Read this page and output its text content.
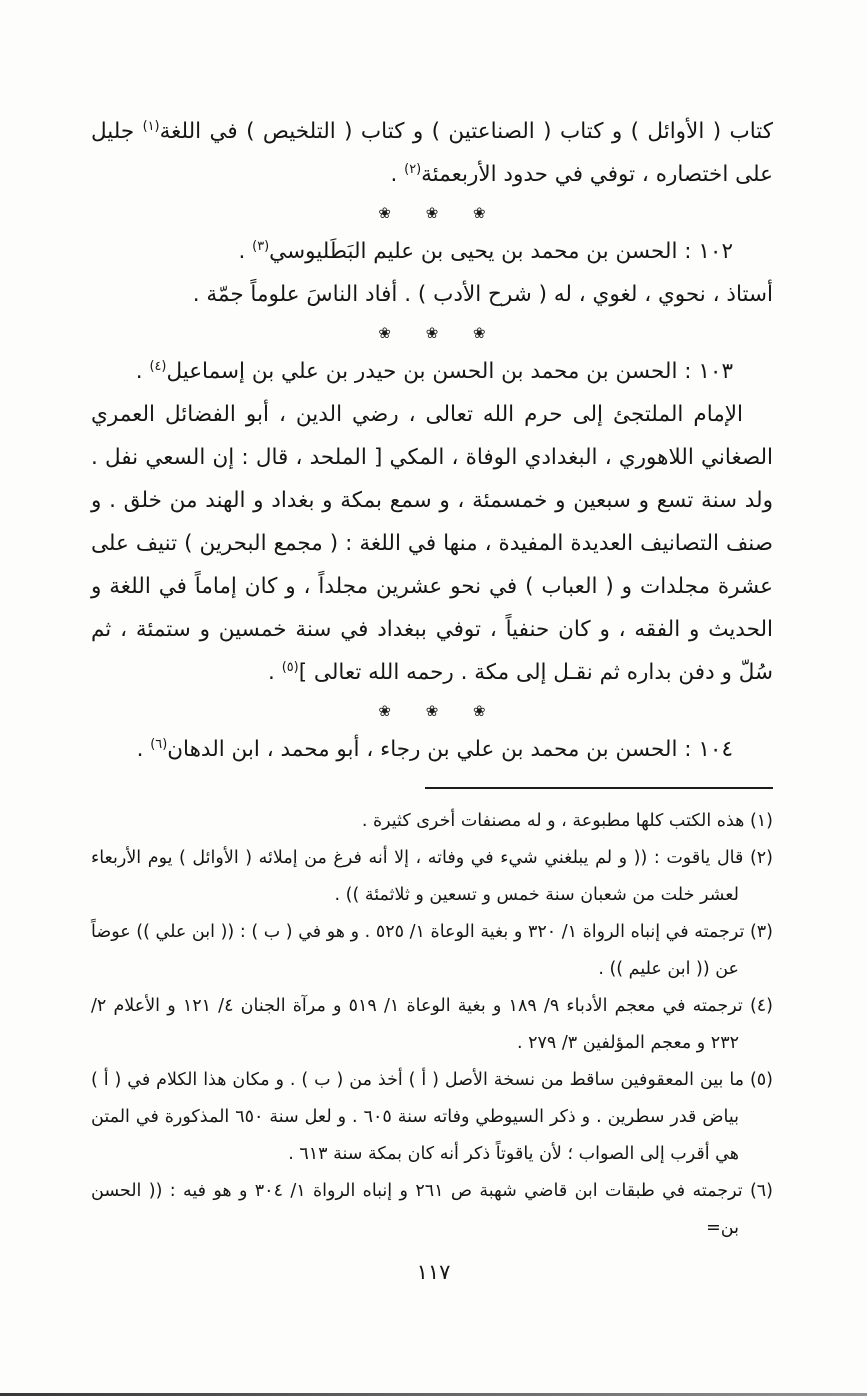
كتاب ( الأوائل ) و كتاب ( الصناعتين ) و كتاب ( التلخيص ) في اللغة$^{(١)}$ جليل على اختصاره ، توفي في حدود الأربعمئة$^{(٢)}$ .
❀ ❀ ❀
١٠٢ : الحسن بن محمد بن يحيى بن عليم البَطَليوسي$^{(٣)}$ .
أستاذ ، نحوي ، لغوي ، له ( شرح الأدب ) . أفاد الناسَ علوماً جمّة .
❀ ❀ ❀
١٠٣ : الحسن بن محمد بن الحسن بن حيدر بن علي بن إسماعيل$^{(٤)}$ .
الإمام الملتجئ إلى حرم الله تعالى ، رضي الدين ، أبو الفضائل العمري الصغاني اللاهوري ، البغدادي الوفاة ، المكي [ الملحد ، قال : إن السعي نفل . ولد سنة تسع و سبعين و خمسمئة ، و سمع بمكة و بغداد و الهند من خلق . و صنف التصانيف العديدة المفيدة ، منها في اللغة : ( مجمع البحرين ) تنيف على عشرة مجلدات و ( العباب ) في نحو عشرين مجلداً ، و كان إماماً في اللغة و الحديث و الفقه ، و كان حنفياً ، توفي ببغداد في سنة خمسين و ستمئة ، ثم سُلّ و دفن بداره ثم نقـل إلى مكة . رحمه الله تعالى ]$^{(٥)}$ .
❀ ❀ ❀
١٠٤ : الحسن بن محمد بن علي بن رجاء ، أبو محمد ، ابن الدهان$^{(٦)}$ .
(١) هذه الكتب كلها مطبوعة ، و له مصنفات أخرى كثيرة .
(٢) قال ياقوت : (( و لم يبلغني شيء في وفاته ، إلا أنه فرغ من إملائه ( الأوائل ) يوم الأربعاء لعشر خلت من شعبان سنة خمس و تسعين و ثلاثمئة )) .
(٣) ترجمته في إنباه الرواة ١/ ٣٢٠ و بغية الوعاة ١/ ٥٢٥ . و هو في ( ب ) : (( ابن علي )) عوضاً عن (( ابن عليم )) .
(٤) ترجمته في معجم الأدباء ٩/ ١٨٩ و بغية الوعاة ١/ ٥١٩ و مرآة الجنان ٤/ ١٢١ و الأعلام ٢/ ٢٣٢ و معجم المؤلفين ٣/ ٢٧٩ .
(٥) ما بين المعقوفين ساقط من نسخة الأصل ( أ ) أخذ من ( ب ) . و مكان هذا الكلام في ( أ ) بياض قدر سطرين . و ذكر السيوطي وفاته سنة ٦٠٥ . و لعل سنة ٦٥٠ المذكورة في المتن هي أقرب إلى الصواب ؛ لأن ياقوتاً ذكر أنه كان بمكة سنة ٦١٣ .
(٦) ترجمته في طبقات ابن قاضي شهبة ص ٢٦١ و إنباه الرواة ١/ ٣٠٤ و هو فيه : (( الحسن بن=
١١٧
